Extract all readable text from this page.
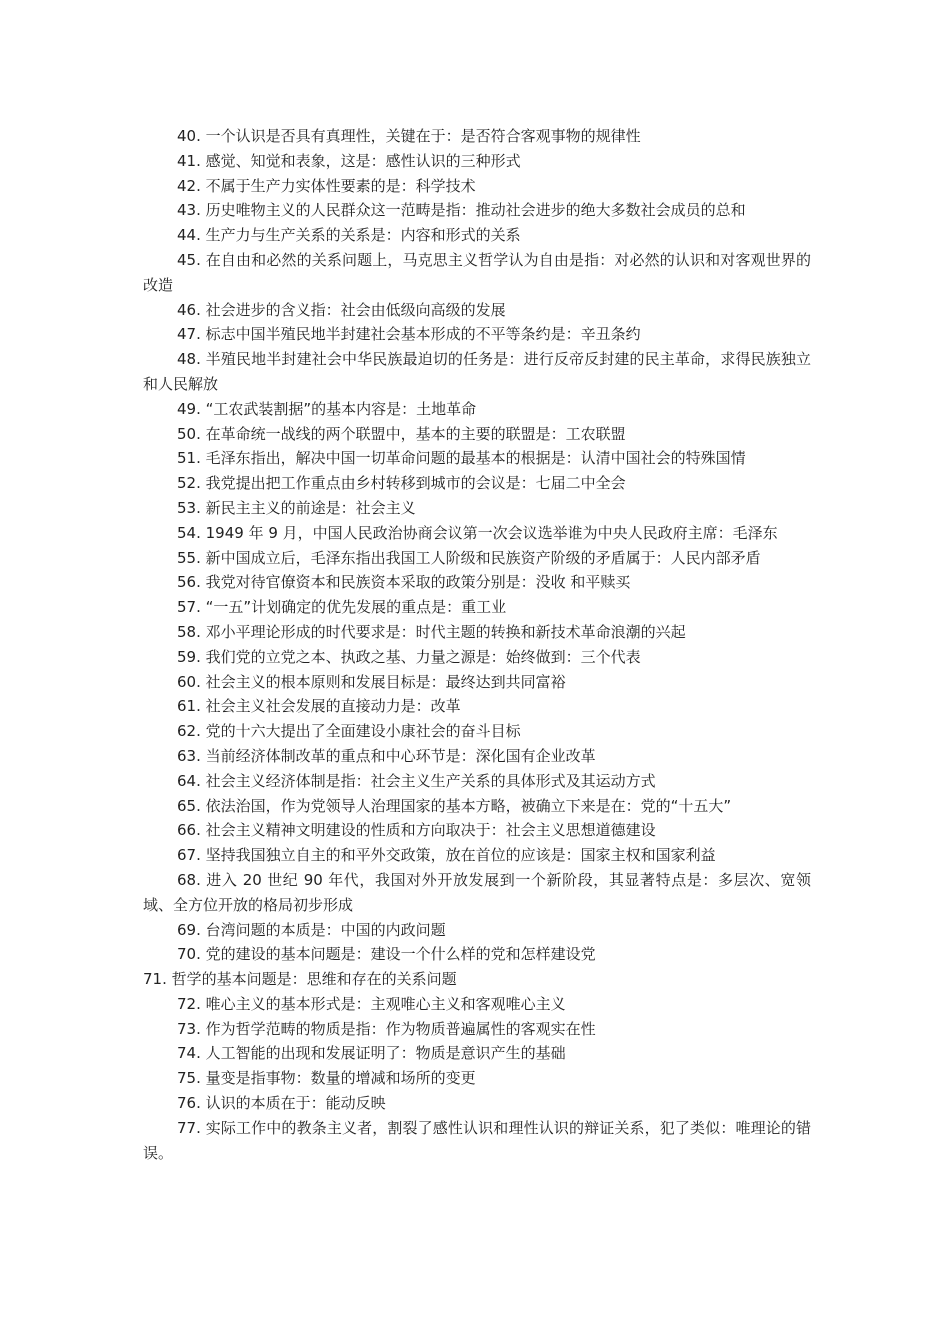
40. 一个认识是否具有真理性，关键在于：是否符合客观事物的规律性

41. 感觉、知觉和表象，这是：感性认识的三种形式

42. 不属于生产力实体性要素的是：科学技术

43. 历史唯物主义的人民群众这一范畴是指：推动社会进步的绝大多数社会成员的总和

44. 生产力与生产关系的关系是：内容和形式的关系

45. 在自由和必然的关系问题上，马克思主义哲学认为自由是指：对必然的认识和对客观世界的改造

46. 社会进步的含义指：社会由低级向高级的发展

47. 标志中国半殖民地半封建社会基本形成的不平等条约是：辛丑条约

48. 半殖民地半封建社会中华民族最迫切的任务是：进行反帝反封建的民主革命，求得民族独立和人民解放

49. “工农武装割据”的基本内容是：土地革命

50. 在革命统一战线的两个联盟中，基本的主要的联盟是：工农联盟

51. 毛泽东指出，解决中国一切革命问题的最基本的根据是：认清中国社会的特殊国情

52. 我党提出把工作重点由乡村转移到城市的会议是：七届二中全会

53. 新民主主义的前途是：社会主义

54. 1949 年 9 月，中国人民政治协商会议第一次会议选举谁为中央人民政府主席：毛泽东

55. 新中国成立后，毛泽东指出我国工人阶级和民族资产阶级的矛盾属于：人民内部矛盾

56. 我党对待官僚资本和民族资本采取的政策分别是：没收 和平赎买

57. “一五”计划确定的优先发展的重点是：重工业

58. 邓小平理论形成的时代要求是：时代主题的转换和新技术革命浪潮的兴起

59. 我们党的立党之本、执政之基、力量之源是：始终做到：三个代表

60. 社会主义的根本原则和发展目标是：最终达到共同富裕

61. 社会主义社会发展的直接动力是：改革

62. 党的十六大提出了全面建设小康社会的奋斗目标

63. 当前经济体制改革的重点和中心环节是：深化国有企业改革

64. 社会主义经济体制是指：社会主义生产关系的具体形式及其运动方式

65. 依法治国，作为党领导人治理国家的基本方略，被确立下来是在：党的“十五大”

66. 社会主义精神文明建设的性质和方向取决于：社会主义思想道德建设

67. 坚持我国独立自主的和平外交政策，放在首位的应该是：国家主权和国家利益

68. 进入 20 世纪 90 年代，我国对外开放发展到一个新阶段，其显著特点是：多层次、宽领域、全方位开放的格局初步形成

69. 台湾问题的本质是：中国的内政问题

70. 党的建设的基本问题是：建设一个什么样的党和怎样建设党

71. 哲学的基本问题是：思维和存在的关系问题

72. 唯心主义的基本形式是：主观唯心主义和客观唯心主义

73. 作为哲学范畴的物质是指：作为物质普遍属性的客观实在性

74. 人工智能的出现和发展证明了：物质是意识产生的基础

75. 量变是指事物：数量的增减和场所的变更

76. 认识的本质在于：能动反映

77. 实际工作中的教条主义者，割裂了感性认识和理性认识的辩证关系，犯了类似：唯理论的错误。
